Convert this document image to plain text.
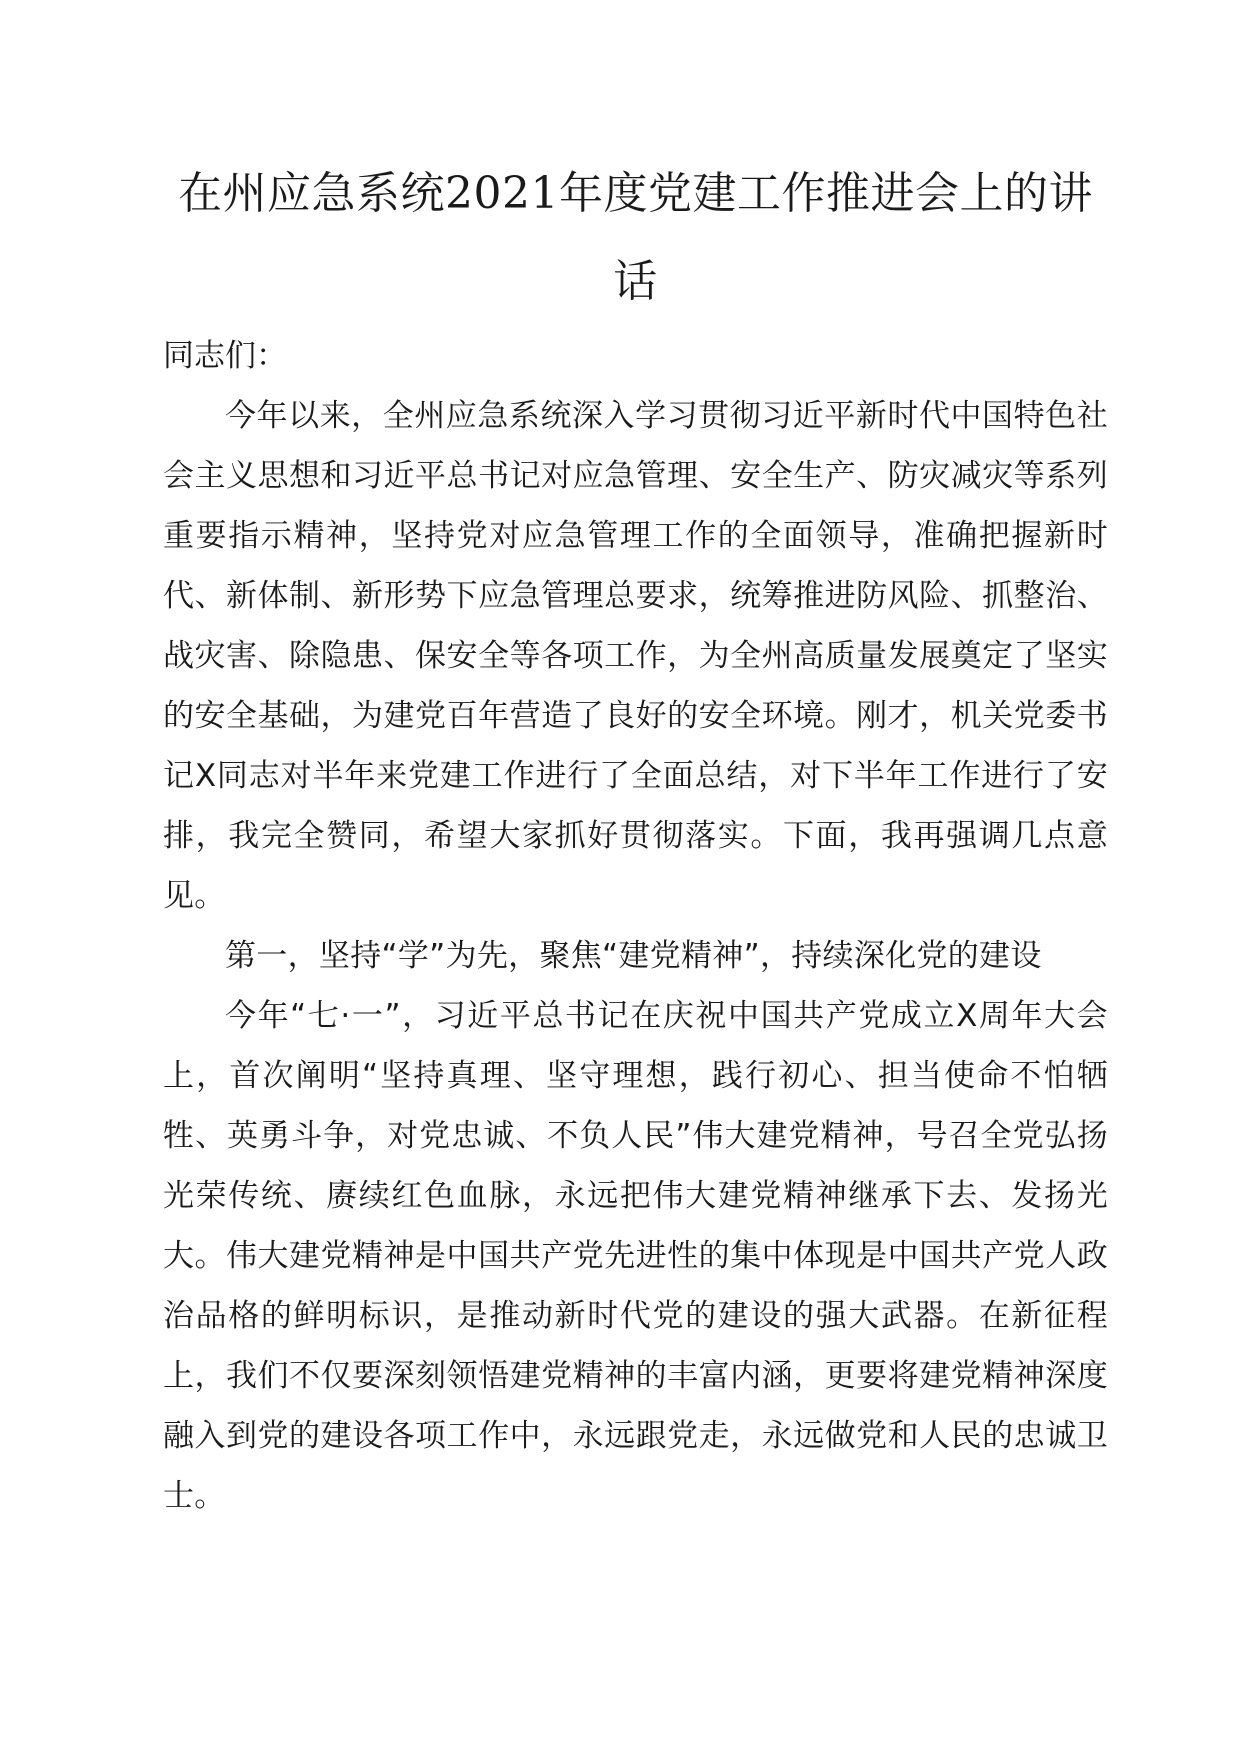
在州应急系统2021年度党建工作推进会上的讲话

同志们：

今年以来，全州应急系统深入学习贯彻习近平新时代中国特色社会主义思想和习近平总书记对应急管理、安全生产、防灾减灾等系列重要指示精神，坚持党对应急管理工作的全面领导，准确把握新时代、新体制、新形势下应急管理总要求，统筹推进防风险、抓整治、战灾害、除隐患、保安全等各项工作，为全州高质量发展奠定了坚实的安全基础，为建党百年营造了良好的安全环境。刚才，机关党委书记X同志对半年来党建工作进行了全面总结，对下半年工作进行了安排，我完全赞同，希望大家抓好贯彻落实。下面，我再强调几点意见。

第一，坚持“学”为先，聚焦“建党精神”，持续深化党的建设

今年“七·一”，习近平总书记在庆祝中国共产党成立X周年大会上，首次阐明“坚持真理、坚守理想，践行初心、担当使命不怕牺牲、英勇斗争，对党忠诚、不负人民”伟大建党精神，号召全党弘扬光荣传统、赓续红色血脉，永远把伟大建党精神继承下去、发扬光大。伟大建党精神是中国共产党先进性的集中体现是中国共产党人政治品格的鲜明标识，是推动新时代党的建设的强大武器。在新征程上，我们不仅要深刻领悟建党精神的丰富内涵，更要将建党精神深度融入到党的建设各项工作中，永远跟党走，永远做党和人民的忠诚卫士。
